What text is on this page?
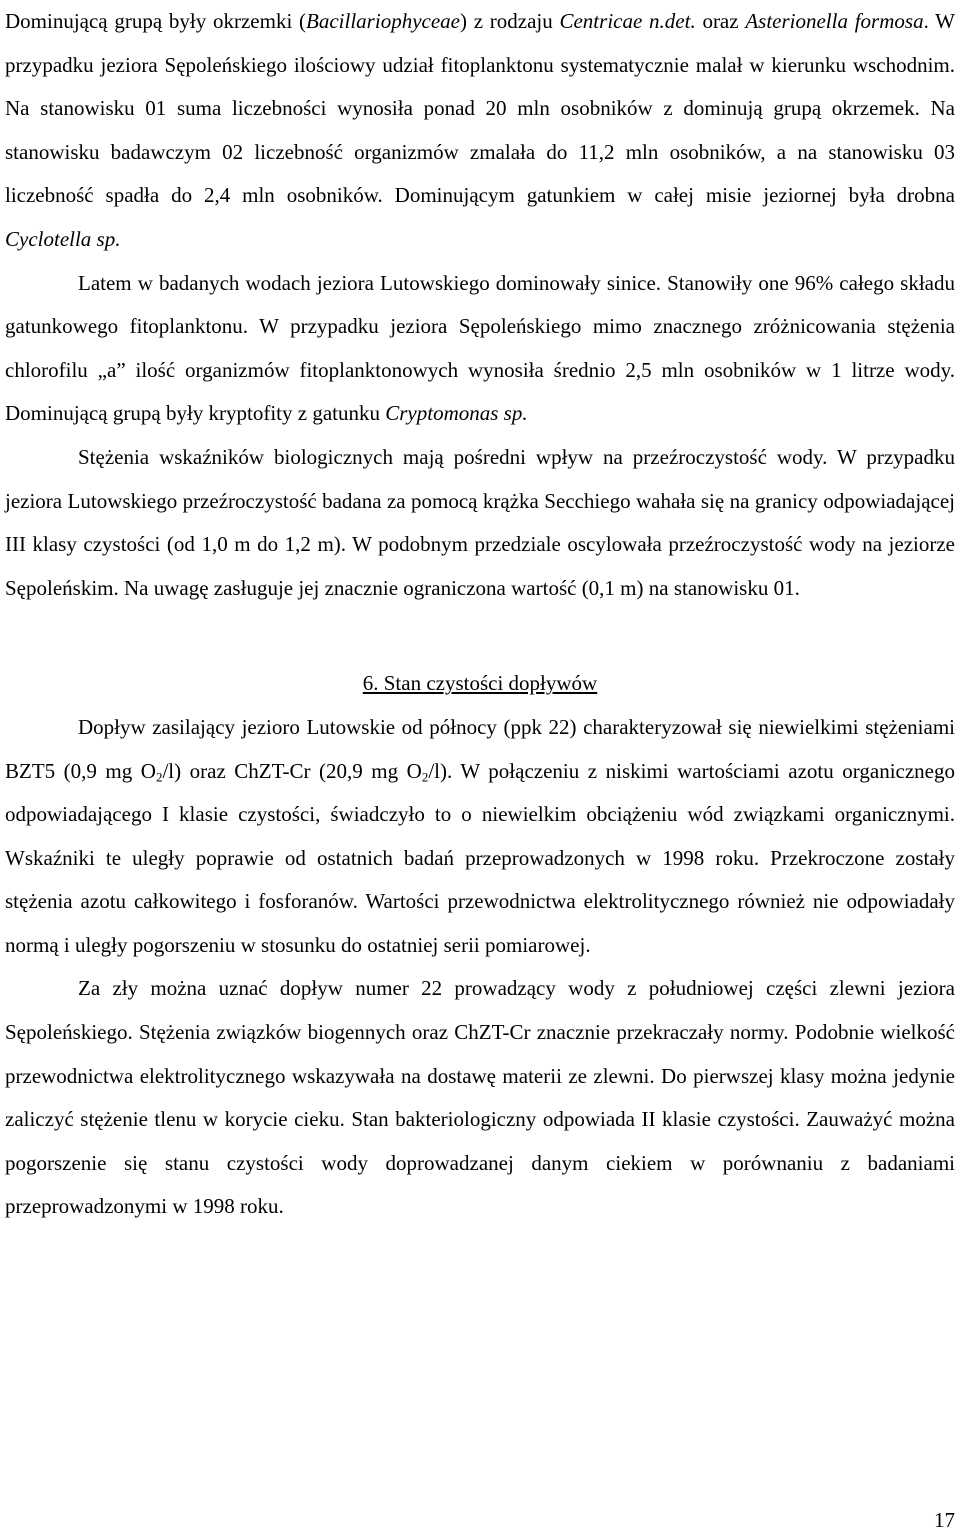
Dominującą grupą były okrzemki (Bacillariophyceae) z rodzaju Centricae n.det. oraz Asterionella formosa. W przypadku jeziora Sępoleńskiego ilościowy udział fitoplanktonu systematycznie malał w kierunku wschodnim. Na stanowisku 01 suma liczebności wynosiła ponad 20 mln osobników z dominują grupą okrzemek. Na stanowisku badawczym 02 liczebność organizmów zmalała do 11,2 mln osobników, a na stanowisku 03 liczebność spadła do 2,4 mln osobników. Dominującym gatunkiem w całej misie jeziornej była drobna Cyclotella sp.

Latem w badanych wodach jeziora Lutowskiego dominowały sinice. Stanowiły one 96% całego składu gatunkowego fitoplanktonu. W przypadku jeziora Sępoleńskiego mimo znacznego zróżnicowania stężenia chlorofilu „a” ilość organizmów fitoplanktonowych wynosiła średnio 2,5 mln osobników w 1 litrze wody. Dominującą grupą były kryptofity z gatunku Cryptomonas sp.

Stężenia wskaźników biologicznych mają pośredni wpływ na przeźroczystość wody. W przypadku jeziora Lutowskiego przeźroczystość badana za pomocą krążka Secchiego wahała się na granicy odpowiadającej III klasy czystości (od 1,0 m do 1,2 m). W podobnym przedziale oscylowała przeźroczystość wody na jeziorze Sępoleńskim. Na uwagę zasługuje jej znacznie ograniczona wartość (0,1 m) na stanowisku 01.

6. Stan czystości dopływów

Dopływ zasilający jezioro Lutowskie od północy (ppk 22) charakteryzował się niewielkimi stężeniami BZT5 (0,9 mg $O_2/l$) oraz ChZT-Cr (20,9 mg $O_2/l$). W połączeniu z niskimi wartościami azotu organicznego odpowiadającego I klasie czystości, świadczyło to o niewielkim obciążeniu wód związkami organicznymi. Wskaźniki te uległy poprawie od ostatnich badań przeprowadzonych w 1998 roku. Przekroczone zostały stężenia azotu całkowitego i fosforanów. Wartości przewodnictwa elektrolitycznego również nie odpowiadały normą i uległy pogorszeniu w stosunku do ostatniej serii pomiarowej.

Za zły można uznać dopływ numer 22 prowadzący wody z południowej części zlewni jeziora Sępoleńskiego. Stężenia związków biogennych oraz ChZT-Cr znacznie przekraczały normy. Podobnie wielkość przewodnictwa elektrolitycznego wskazywała na dostawę materii ze zlewni. Do pierwszej klasy można jedynie zaliczyć stężenie tlenu w korycie cieku. Stan bakteriologiczny odpowiada II klasie czystości. Zauważyć można pogorszenie się stanu czystości wody doprowadzanej danym ciekiem w porównaniu z badaniami przeprowadzonymi w 1998 roku.

17
